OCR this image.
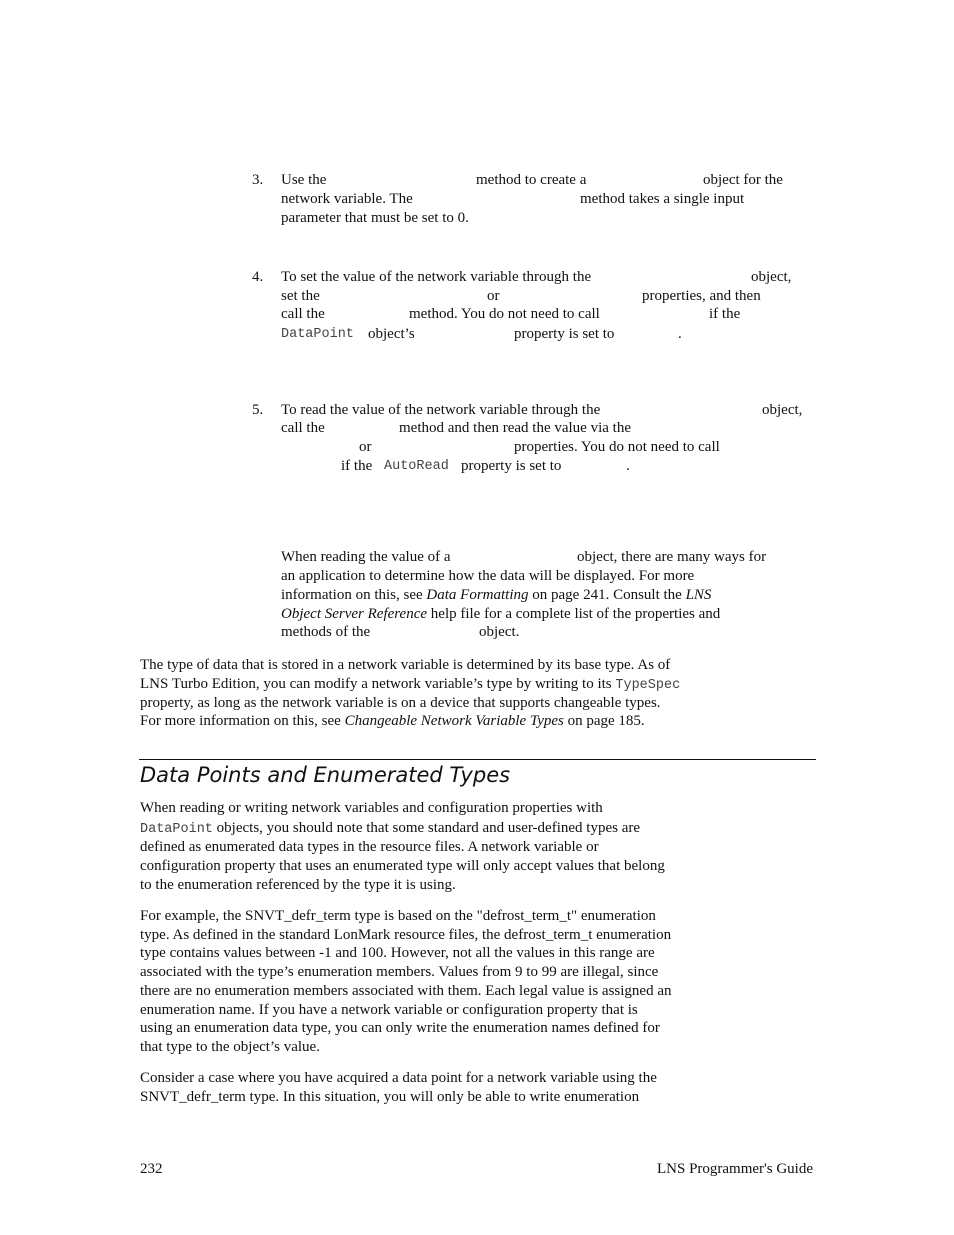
3. Use the	method to create a	object for the
network variable. The	method takes a single input
parameter that must be set to 0.
4. To set the value of the network variable through the	object,
set the	or	properties, and then
call the	method. You do not need to call	if the
DataPoint object’s	property is set to	.
5. To read the value of the network variable through the	object,
call the	method and then read the value via the
or	properties. You do not need to call
if the AutoRead property is set to	.
When reading the value of a	object, there are many ways for
an application to determine how the data will be displayed. For more
information on this, see Data Formatting on page 241. Consult the LNS
Object Server Reference help file for a complete list of the properties and
methods of the	object.
The type of data that is stored in a network variable is determined by its base type. As of
LNS Turbo Edition, you can modify a network variable’s type by writing to its TypeSpec
property, as long as the network variable is on a device that supports changeable types.
For more information on this, see Changeable Network Variable Types on page 185.
Data Points and Enumerated Types
When reading or writing network variables and configuration properties with
DataPoint objects, you should note that some standard and user-defined types are
defined as enumerated data types in the resource files. A network variable or
configuration property that uses an enumerated type will only accept values that belong
to the enumeration referenced by the type it is using.
For example, the SNVT_defr_term type is based on the "defrost_term_t" enumeration
type. As defined in the standard LonMark resource files, the defrost_term_t enumeration
type contains values between -1 and 100. However, not all the values in this range are
associated with the type’s enumeration members. Values from 9 to 99 are illegal, since
there are no enumeration members associated with them. Each legal value is assigned an
enumeration name. If you have a network variable or configuration property that is
using an enumeration data type, you can only write the enumeration names defined for
that type to the object’s value.
Consider a case where you have acquired a data point for a network variable using the
SNVT_defr_term type. In this situation, you will only be able to write enumeration
232	LNS Programmer's Guide
